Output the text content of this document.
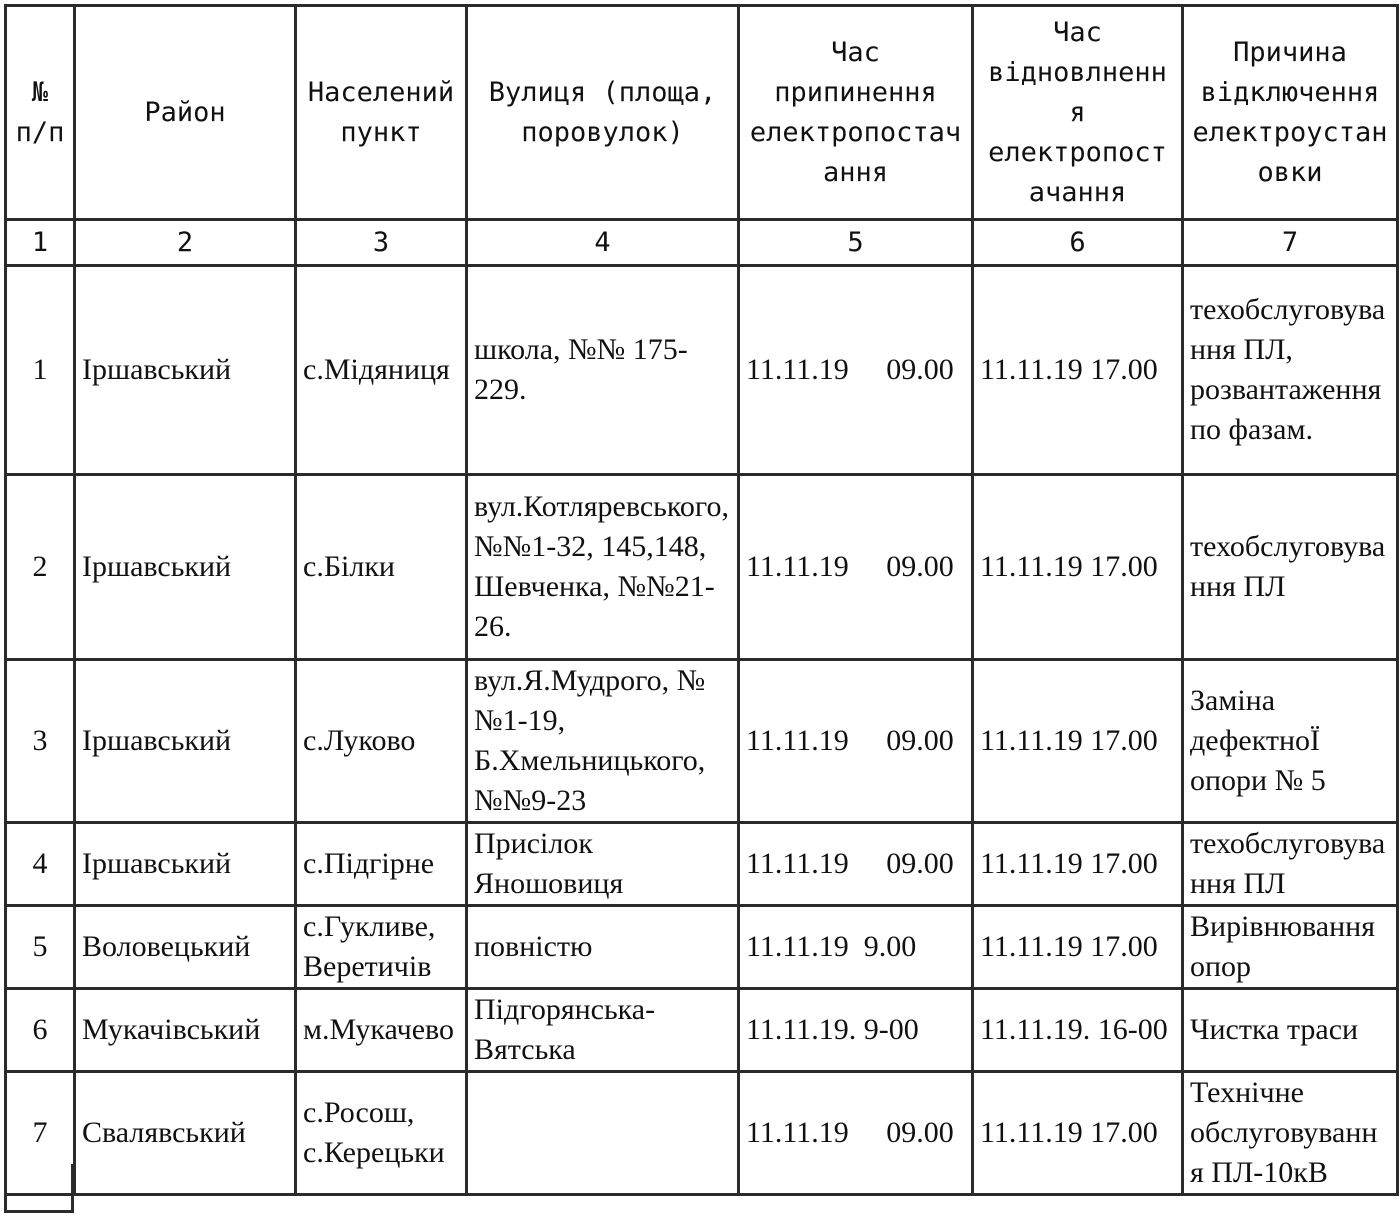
№ п/п	Район	Населений пункт	Вулиця (площа, поровулок)	Час припинення електропостачання	Час відновлнення електропостачання	Причина відключення електроустановки
1	2	3	4	5	6	7
1	Іршавський	с.Мідяниця	школа, №№ 175-229.	11.11.19     09.00	11.11.19 17.00	техобслуговування ПЛ, розвантаження по фазам.
2	Іршавський	с.Білки	вул.Котляревського, №№1-32, 145,148, Шевченка, №№21-26.	11.11.19     09.00	11.11.19 17.00	техобслуговування ПЛ
3	Іршавський	с.Луково	вул.Я.Мудрого, №№1-19, Б.Хмельницького, №№9-23	11.11.19     09.00	11.11.19 17.00	Заміна дефектноЇ опори № 5
4	Іршавський	с.Підгірне	Присілок Яношовиця	11.11.19     09.00	11.11.19 17.00	техобслуговування ПЛ
5	Воловецький	с.Гукливе, Веретичів	повністю	11.11.19  9.00	11.11.19 17.00	Вирівнювання опор
6	Мукачівський	м.Мукачево	Підгорянська-Вятська	11.11.19. 9-00	11.11.19. 16-00	Чистка траси
7	Свалявський	с.Росош, с.Керецьки		11.11.19     09.00	11.11.19 17.00	Технічне обслуговування ПЛ-10кВ
